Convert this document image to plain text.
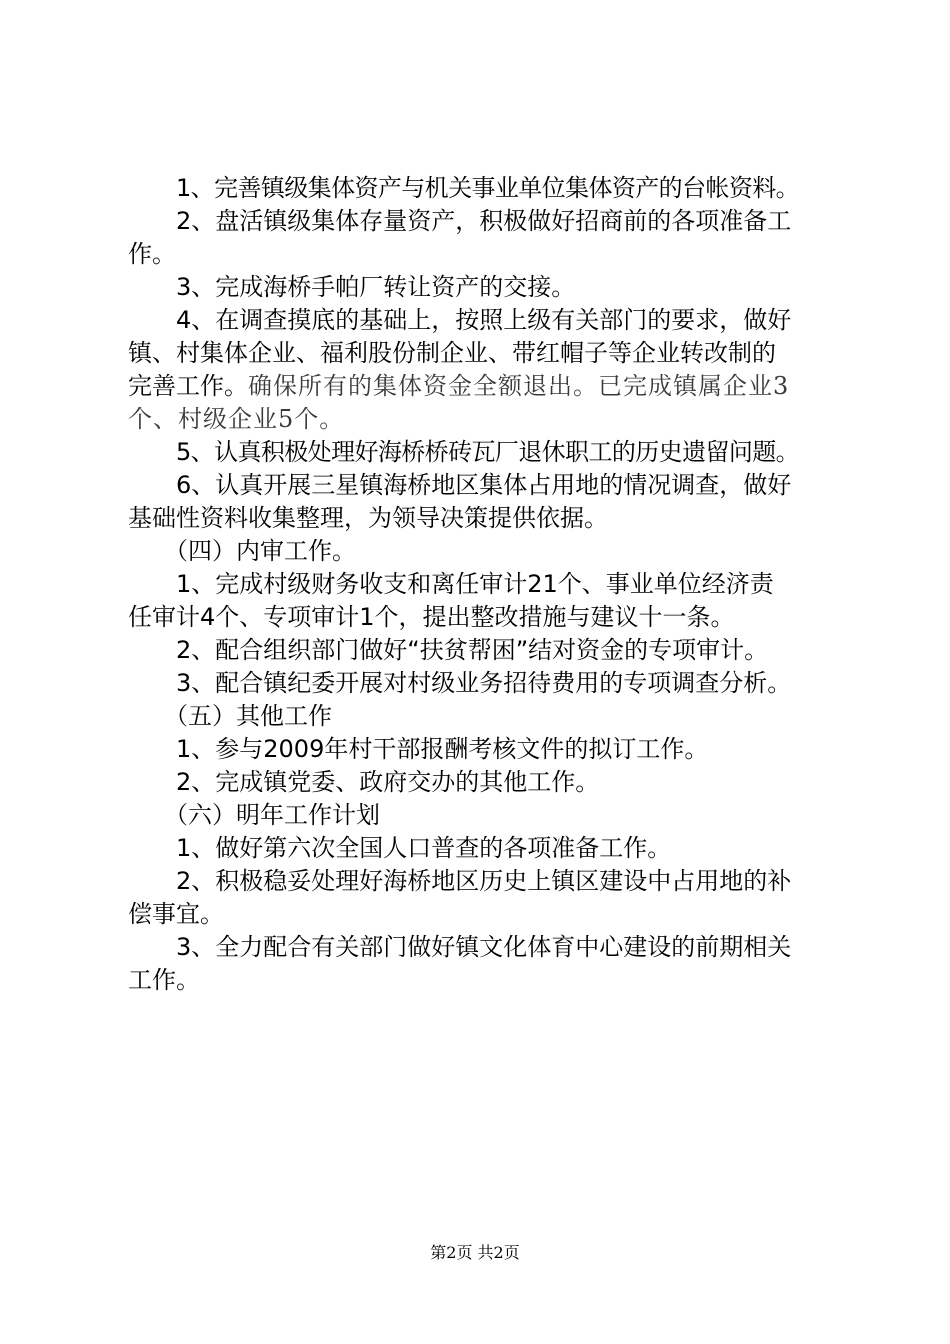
1、完善镇级集体资产与机关事业单位集体资产的台帐资料。
2、盘活镇级集体存量资产，积极做好招商前的各项准备工
作。
3、完成海桥手帕厂转让资产的交接。
4、在调查摸底的基础上，按照上级有关部门的要求，做好
镇、村集体企业、福利股份制企业、带红帽子等企业转改制的
完善工作。确保所有的集体资金全额退出。已完成镇属企业3
个、村级企业5个。
5、认真积极处理好海桥桥砖瓦厂退休职工的历史遗留问题。
6、认真开展三星镇海桥地区集体占用地的情况调查，做好
基础性资料收集整理，为领导决策提供依据。
（四）内审工作。
1、完成村级财务收支和离任审计21个、事业单位经济责
任审计4个、专项审计1个，提出整改措施与建议十一条。
2、配合组织部门做好“扶贫帮困”结对资金的专项审计。
3、配合镇纪委开展对村级业务招待费用的专项调查分析。
（五）其他工作
1、参与2009年村干部报酬考核文件的拟订工作。
2、完成镇党委、政府交办的其他工作。
（六）明年工作计划
1、做好第六次全国人口普查的各项准备工作。
2、积极稳妥处理好海桥地区历史上镇区建设中占用地的补
偿事宜。
3、全力配合有关部门做好镇文化体育中心建设的前期相关
工作。
第2页 共2页
